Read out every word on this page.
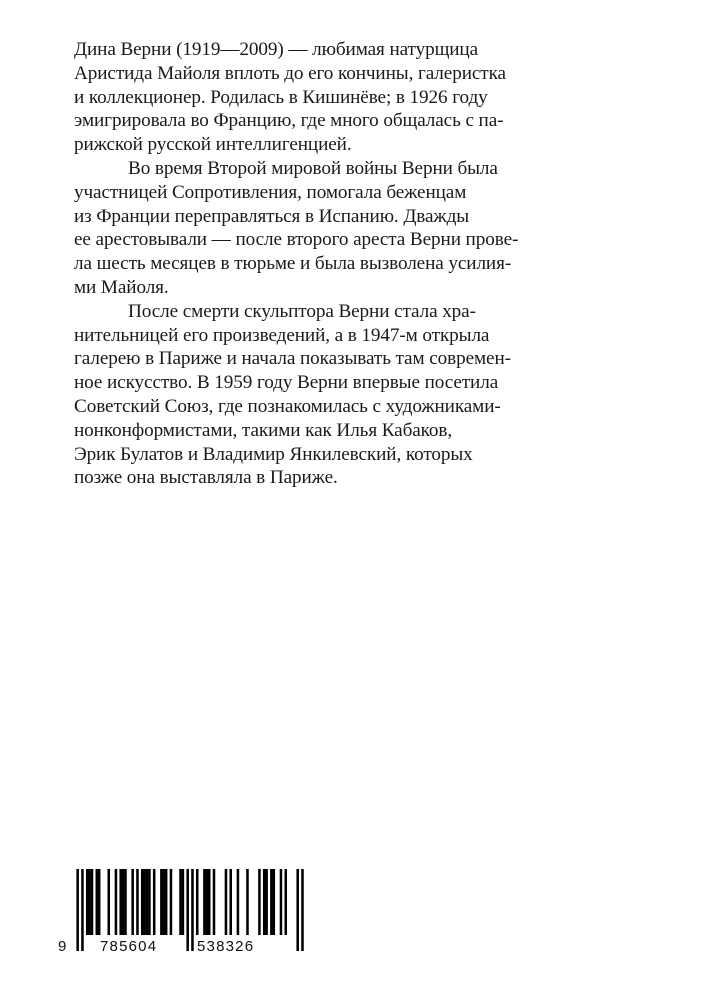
Дина Верни (1919—2009) — любимая натурщица
Аристида Майоля вплоть до его кончины, галеристка
и коллекционер. Родилась в Кишинёве; в 1926 году
эмигрировала во Францию, где много общалась с па-
рижской русской интеллигенцией.
Во время Второй мировой войны Верни была
участницей Сопротивления, помогала беженцам
из Франции переправляться в Испанию. Дважды
ее арестовывали — после второго ареста Верни прове-
ла шесть месяцев в тюрьме и была вызволена усилия-
ми Майоля.
После смерти скульптора Верни стала хра-
нительницей его произведений, а в 1947-м открыла
галерею в Париже и начала показывать там современ-
ное искусство. В 1959 году Верни впервые посетила
Советский Союз, где познакомилась с художниками-
нонконформистами, такими как Илья Кабаков,
Эрик Булатов и Владимир Янкилевский, которых
позже она выставляла в Париже.
9 785604	538326
